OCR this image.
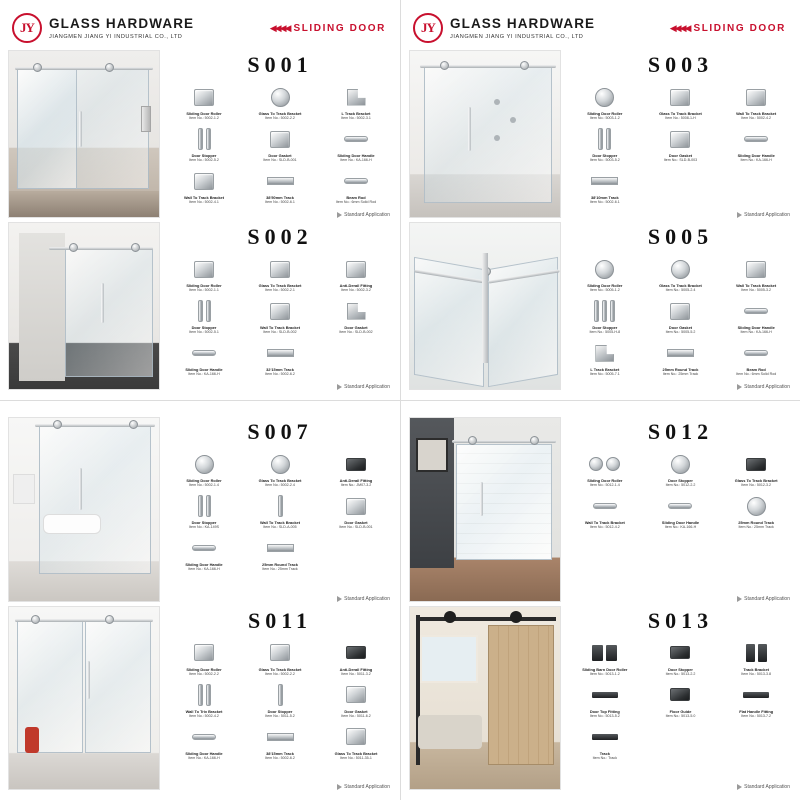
JY	GLASS HARDWARE
JIANGMEN JIANG YI INDUSTRIAL CO., LTD
◀◀◀◀ SLIDING DOOR
S001
Sliding Door Roller
Item No.: 5002-1.2
Glass To Track Bracket
Item No.: 5002-2.2
L Track Bracket
Item No.: 5002-3.1
Door Stopper
Item No.: 5002-5.2
Door Gasket
Item No.: SLD-B-001
Sliding Door Handle
Item No.: KA-166-H
Wall To Track Bracket
Item No.: 5002-4.1
38ʹ50mm Track
Item No.: 5002-6.1
Beam Rod
Item No.: 6mm Solid Rod
Standard Application
S002
Sliding Door Roller
Item No.: 5002-1.1
Glass To Track Bracket
Item No.: 5002-2.1
Anti-Derail Fitting
Item No.: 5002-3.2
Door Stopper
Item No.: 5002-5.1
Wall To Track Bracket
Item No.: SLD-B-002
Door Gasket
Item No.: SLD-B-002
Sliding Door Handle
Item No.: KA-166-H
32ʹ15mm Track
Item No.: 5002-6.2
Standard Application
JY	GLASS HARDWARE
JIANGMEN JIANG YI INDUSTRIAL CO., LTD
◀◀◀◀ SLIDING DOOR
S003
Sliding Door Roller
Item No.: 5003-1.2
Glass To Track Bracket
Item No.: 5008-1-H
Wall To Track Bracket
Item No.: 5002-4.2
Door Stopper
Item No.: 5003-5.2
Door Gasket
Item No.: SLD-B-003
Sliding Door Handle
Item No.: KA-166-H
38ʹ10mm Track
Item No.: 5002-6.1
Standard Application
S005
Sliding Door Roller
Item No.: 5005-1.2
Glass To Track Bracket
Item No.: 5005-2.4
Wall To Track Bracket
Item No.: 5005-3.2
Door Stopper
Item No.: 5005-H-8
Door Gasket
Item No.: 5005-5.2
Sliding Door Handle
Item No.: KA-166-H
L Track Bracket
Item No.: 5005-7.1
25mm Round Track
Item No.: 25mm Track
Beam Rod
Item No.: 6mm Solid Rod
Standard Application
S007
Sliding Door Roller
Item No.: 5002-1.4
Glass To Track Bracket
Item No.: 5002-2.4
Anti-Derail Fitting
Item No.: JM07-3.2
Door Stopper
Item No.: KA-149S
Wall To Track Bracket
Item No.: SLD-A-005
Door Gasket
Item No.: SLD-B-001
Sliding Door Handle
Item No.: KA-166-H
25mm Round Track
Item No.: 25mm Track
Standard Application
S011
Sliding Door Roller
Item No.: 5002-2.2
Glass To Track Bracket
Item No.: 5002-2.2
Anti-Derail Fitting
Item No.: 5011-3.2
Wall To Trix Bracket
Item No.: 5002-4.2
Door Stopper
Item No.: 5011-5.2
Door Gasket
Item No.: 5011-6.2
Sliding Door Handle
Item No.: KA-166-H
38ʹ15mm Track
Item No.: 5002-6.2
Glass To Track Bracket
Item No.: 5011-35-1
Standard Application
S012
Sliding Door Roller
Item No.: 5012-1.4
Door Stopper
Item No.: 5012-2.2
Glass To Track Bracket
Item No.: 5012-3.2
Wall To Track Bracket
Item No.: 5012-4.2
Sliding Door Handle
Item No.: KA-166-H
25mm Round Track
Item No.: 25mm Track
Standard Application
S013
Sliding Barn Door Roller
Item No.: 5013-1.2
Door Stopper
Item No.: 5013-2.2
Track Bracket
Item No.: 5013-3.8
Door Top Fitting
Item No.: 5013-5.2
Floor Guide
Item No.: 5013-5.0
Flat Handle Fitting
Item No.: 5013-7.2
Track
Item No.: Track
Standard Application
